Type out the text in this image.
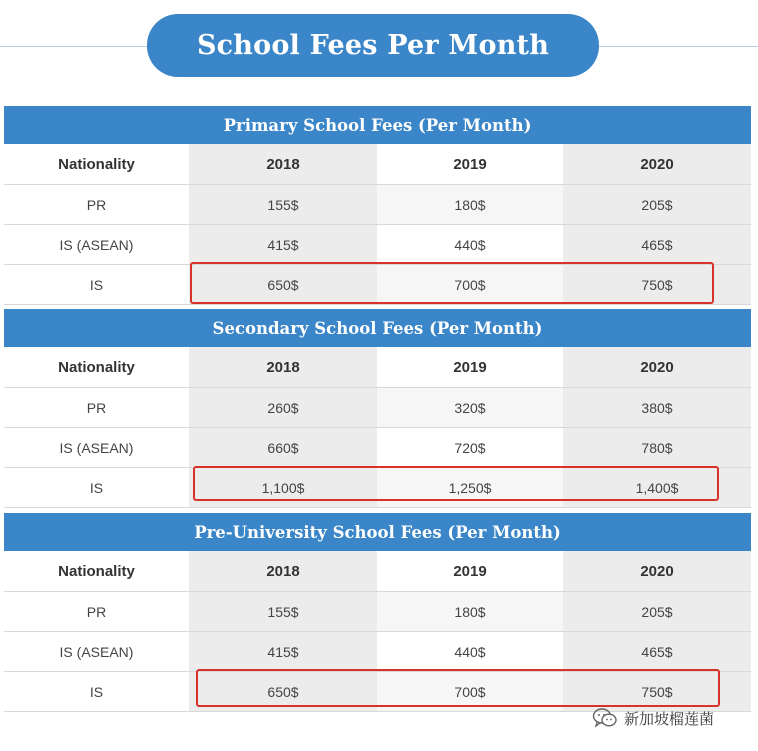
School Fees Per Month
Primary School Fees (Per Month)
Nationality	2018	2019	2020
PR	155$	180$	205$
IS (ASEAN)	415$	440$	465$
IS	650$	700$	750$
Secondary School Fees (Per Month)
Nationality	2018	2019	2020
PR	260$	320$	380$
IS (ASEAN)	660$	720$	780$
IS	1,100$	1,250$	1,400$
Pre-University School Fees (Per Month)
Nationality	2018	2019	2020
PR	155$	180$	205$
IS (ASEAN)	415$	440$	465$
IS	650$	700$	750$
新加坡榴莲菌
